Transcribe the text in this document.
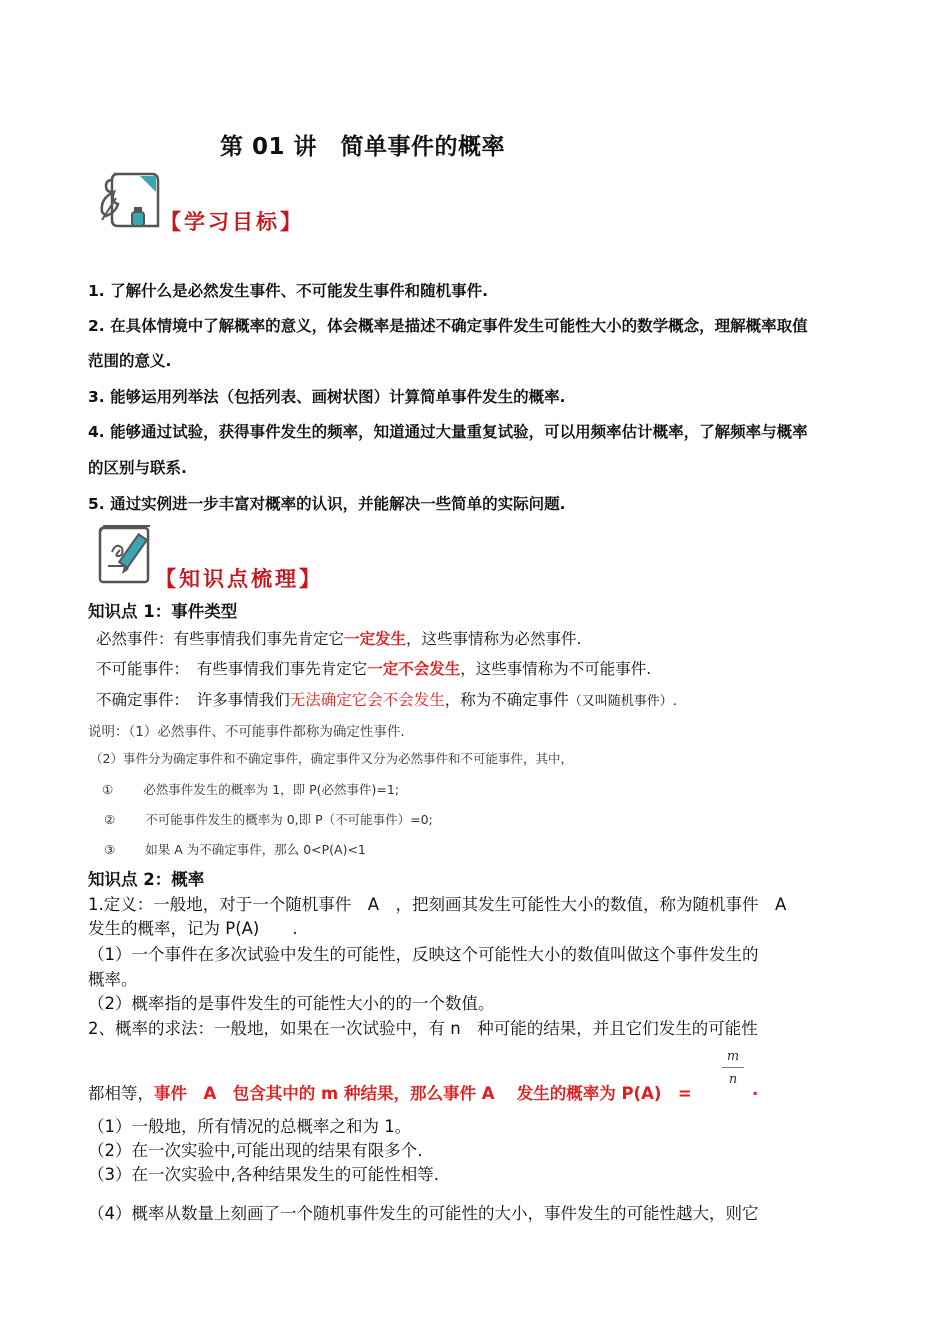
第 01 讲　简单事件的概率
【学习目标】
1. 了解什么是必然发生事件、不可能发生事件和随机事件.
2. 在具体情境中了解概率的意义，体会概率是描述不确定事件发生可能性大小的数学概念，理解概率取值
范围的意义.
3. 能够运用列举法（包括列表、画树状图）计算简单事件发生的概率.
4. 能够通过试验，获得事件发生的频率，知道通过大量重复试验，可以用频率估计概率，了解频率与概率
的区别与联系.
5. 通过实例进一步丰富对概率的认识，并能解决一些简单的实际问题.
【知识点梳理】
知识点 1：事件类型
必然事件：有些事情我们事先肯定它一定发生，这些事情称为必然事件.
不可能事件：　有些事情我们事先肯定它一定不会发生，这些事情称为不可能事件.
不确定事件：　许多事情我们无法确定它会不会发生，称为不确定事件（又叫随机事件）.
说明：（1）必然事件、不可能事件都称为确定性事件.
（2）事件分为确定事件和不确定事件，确定事件又分为必然事件和不可能事件，其中，
① 必然事件发生的概率为 1，即 P(必然事件)=1;
② 不可能事件发生的概率为 0,即 P（不可能事件）=0;
③ 如果 A 为不确定事件，那么 0<P(A)<1
知识点 2：概率
1.定义：一般地，对于一个随机事件　A　，把刻画其发生可能性大小的数值，称为随机事件　A
发生的概率，记为 P(A)　　.
（1）一个事件在多次试验中发生的可能性，反映这个可能性大小的数值叫做这个事件发生的
概率。
（2）概率指的是事件发生的可能性大小的的一个数值。
2、概率的求法：一般地，如果在一次试验中，有 n　种可能的结果，并且它们发生的可能性
都相等，事件　A　包含其中的 m 种结果，那么事件 A　 发生的概率为 P(A)　=
m
n
.
（1）一般地，所有情况的总概率之和为 1。
（2）在一次实验中,可能出现的结果有限多个.
（3）在一次实验中,各种结果发生的可能性相等.
（4）概率从数量上刻画了一个随机事件发生的可能性的大小，事件发生的可能性越大，则它
